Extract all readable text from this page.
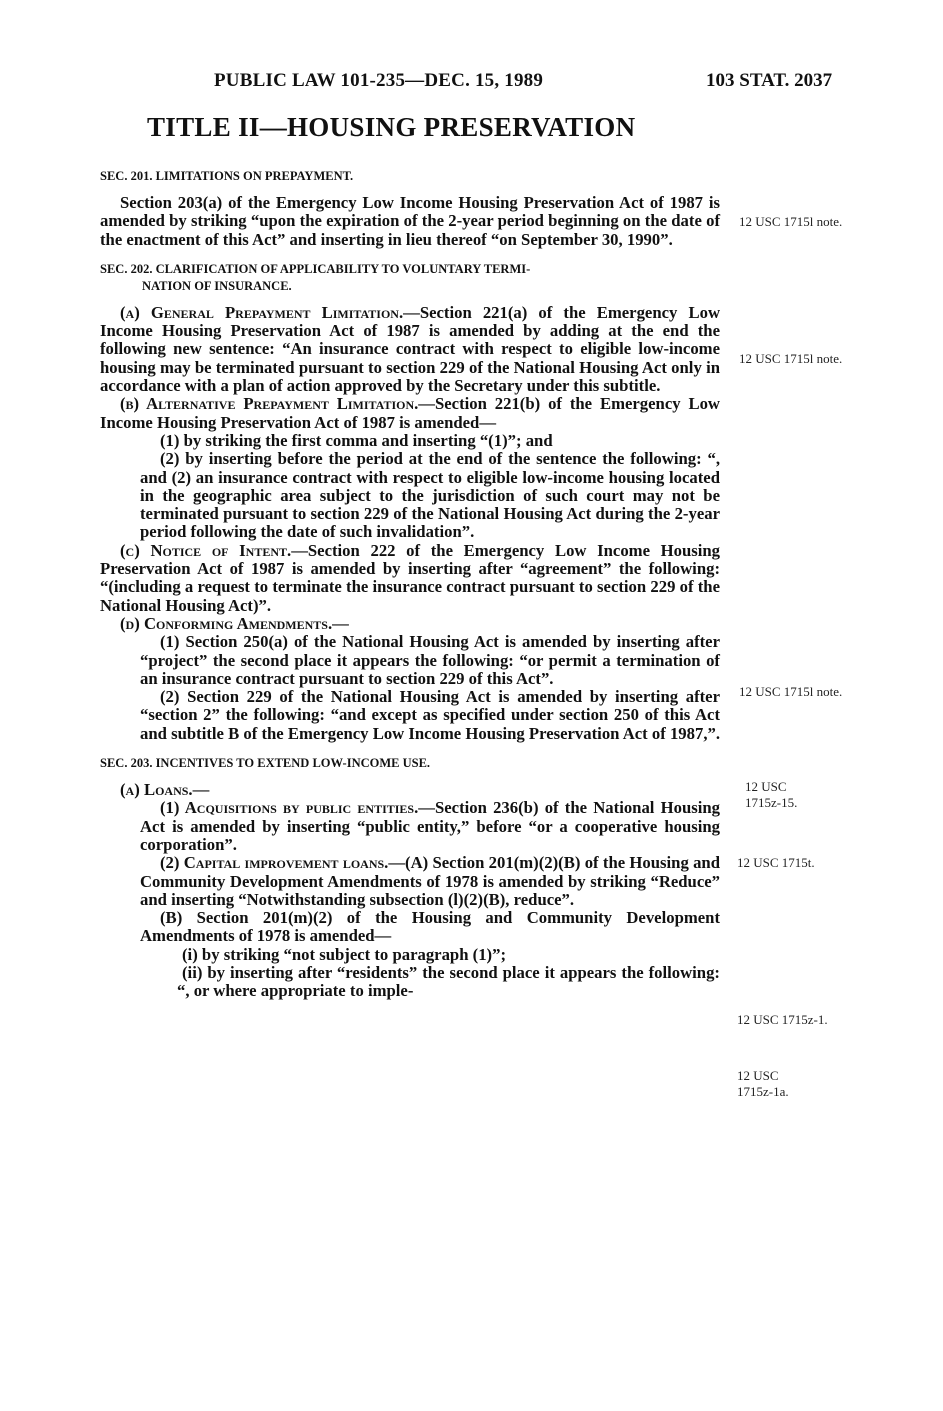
PUBLIC LAW 101-235—DEC. 15, 1989	103 STAT. 2037
TITLE II—HOUSING PRESERVATION
SEC. 201. LIMITATIONS ON PREPAYMENT.

Section 203(a) of the Emergency Low Income Housing Preservation Act of 1987 is amended by striking “upon the expiration of the 2-year period beginning on the date of the enactment of this Act” and inserting in lieu thereof “on September 30, 1990”.

SEC. 202. CLARIFICATION OF APPLICABILITY TO VOLUNTARY TERMI-
NATION OF INSURANCE.

(a) General Prepayment Limitation.—Section 221(a) of the Emergency Low Income Housing Preservation Act of 1987 is amended by adding at the end the following new sentence: “An insurance contract with respect to eligible low-income housing may be terminated pursuant to section 229 of the National Housing Act only in accordance with a plan of action approved by the Secretary under this subtitle.

(b) Alternative Prepayment Limitation.—Section 221(b) of the Emergency Low Income Housing Preservation Act of 1987 is amended—

(1) by striking the first comma and inserting “(1)”; and

(2) by inserting before the period at the end of the sentence the following: “, and (2) an insurance contract with respect to eligible low-income housing located in the geographic area subject to the jurisdiction of such court may not be terminated pursuant to section 229 of the National Housing Act during the 2-year period following the date of such invalidation”.

(c) Notice of Intent.—Section 222 of the Emergency Low Income Housing Preservation Act of 1987 is amended by inserting after “agreement” the following: “(including a request to terminate the insurance contract pursuant to section 229 of the National Housing Act)”.

(d) Conforming Amendments.—

(1) Section 250(a) of the National Housing Act is amended by inserting after “project” the second place it appears the following: “or permit a termination of an insurance contract pursuant to section 229 of this Act”.

(2) Section 229 of the National Housing Act is amended by inserting after “section 2” the following: “and except as specified under section 250 of this Act and subtitle B of the Emergency Low Income Housing Preservation Act of 1987,”.

SEC. 203. INCENTIVES TO EXTEND LOW-INCOME USE.

(a) Loans.—

(1) Acquisitions by public entities.—Section 236(b) of the National Housing Act is amended by inserting “public entity,” before “or a cooperative housing corporation”.

(2) Capital improvement loans.—(A) Section 201(m)(2)(B) of the Housing and Community Development Amendments of 1978 is amended by striking “Reduce” and inserting “Notwithstanding subsection (l)(2)(B), reduce”.

(B) Section 201(m)(2) of the Housing and Community Development Amendments of 1978 is amended—

(i) by striking “not subject to paragraph (1)”;

(ii) by inserting after “residents” the second place it appears the following: “, or where appropriate to imple-

12 USC 1715l note.
12 USC 1715l note.
12 USC 1715l note.
12 USC 1715z-15.
12 USC 1715t.
12 USC 1715z-1.
12 USC 1715z-1a.
